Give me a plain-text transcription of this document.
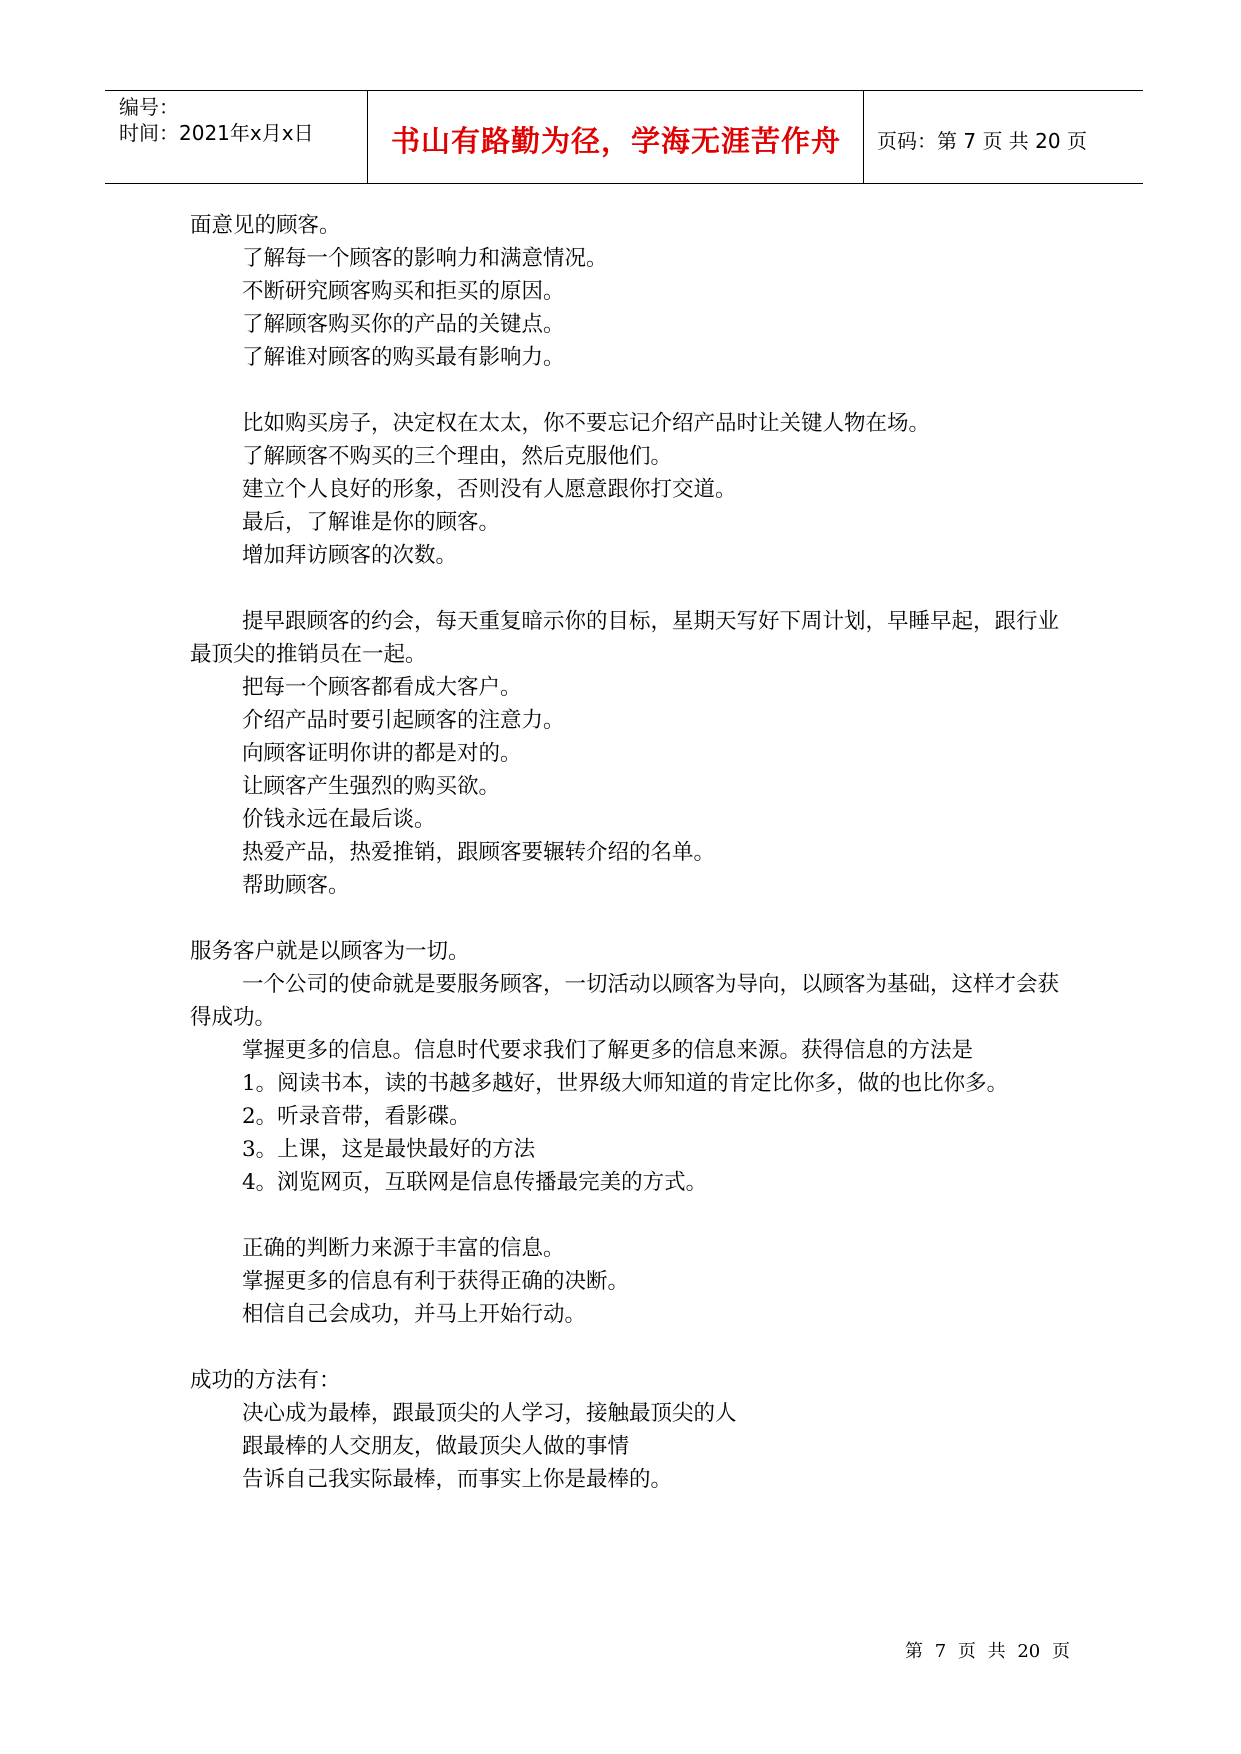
编号：
时间：2021年x月x日	书山有路勤为径，学海无涯苦作舟	页码：第 7 页 共 20 页

面意见的顾客。

了解每一个顾客的影响力和满意情况。

不断研究顾客购买和拒买的原因。

了解顾客购买你的产品的关键点。

了解谁对顾客的购买最有影响力。

比如购买房子，决定权在太太，你不要忘记介绍产品时让关键人物在场。

了解顾客不购买的三个理由，然后克服他们。

建立个人良好的形象，否则没有人愿意跟你打交道。

最后，了解谁是你的顾客。

增加拜访顾客的次数。

提早跟顾客的约会，每天重复暗示你的目标，星期天写好下周计划，早睡早起，跟行业最顶尖的推销员在一起。

把每一个顾客都看成大客户。

介绍产品时要引起顾客的注意力。

向顾客证明你讲的都是对的。

让顾客产生强烈的购买欲。

价钱永远在最后谈。

热爱产品，热爱推销，跟顾客要辗转介绍的名单。

帮助顾客。

服务客户就是以顾客为一切。

一个公司的使命就是要服务顾客，一切活动以顾客为导向，以顾客为基础，这样才会获得成功。

掌握更多的信息。信息时代要求我们了解更多的信息来源。获得信息的方法是

1。阅读书本，读的书越多越好，世界级大师知道的肯定比你多，做的也比你多。

2。听录音带，看影碟。

3。上课，这是最快最好的方法

4。浏览网页，互联网是信息传播最完美的方式。

正确的判断力来源于丰富的信息。

掌握更多的信息有利于获得正确的决断。

相信自己会成功，并马上开始行动。

成功的方法有：

决心成为最棒，跟最顶尖的人学习，接触最顶尖的人

跟最棒的人交朋友，做最顶尖人做的事情

告诉自己我实际最棒，而事实上你是最棒的。

第 7 页 共 20 页
